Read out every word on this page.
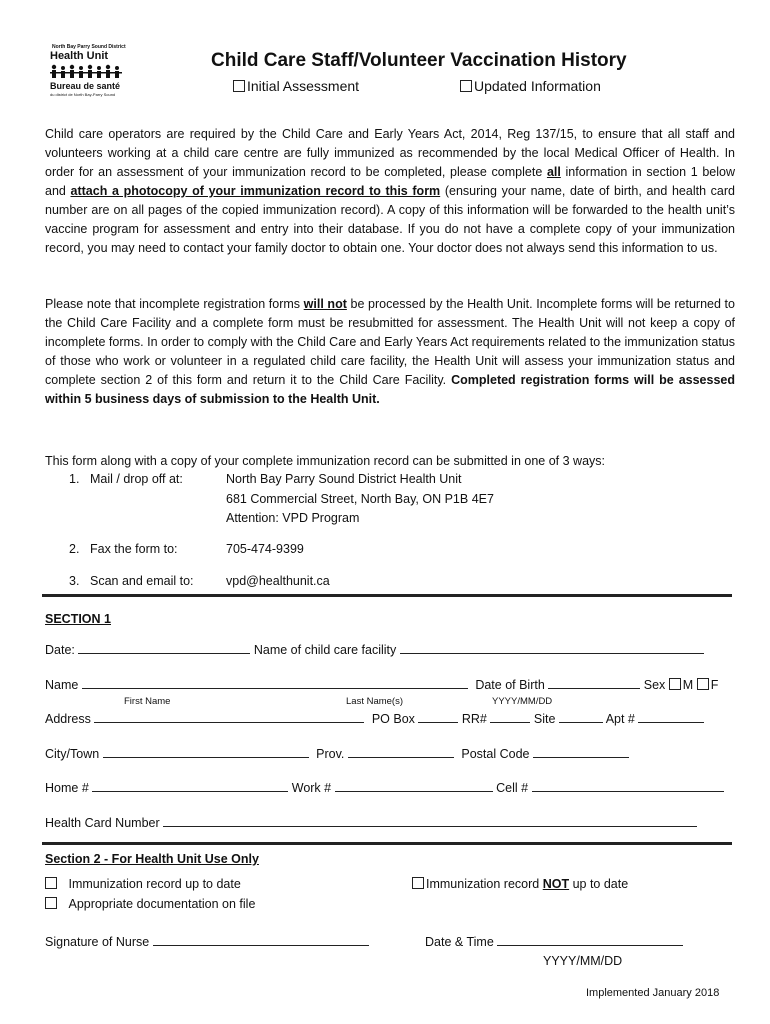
North Bay Parry Sound District
Health Unit
Bureau de santé
du district de North Bay-Parry Sound
Child Care Staff/Volunteer Vaccination History
Initial Assessment	Updated Information
Child care operators are required by the Child Care and Early Years Act, 2014, Reg 137/15, to ensure that all staff and volunteers working at a child care centre are fully immunized as recommended by the local Medical Officer of Health. In order for an assessment of your immunization record to be completed, please complete all information in section 1 below and attach a photocopy of your immunization record to this form (ensuring your name, date of birth, and health card number are on all pages of the copied immunization record). A copy of this information will be forwarded to the health unit’s vaccine program for assessment and entry into their database. If you do not have a complete copy of your immunization record, you may need to contact your family doctor to obtain one. Your doctor does not always send this information to us.
Please note that incomplete registration forms will not be processed by the Health Unit. Incomplete forms will be returned to the Child Care Facility and a complete form must be resubmitted for assessment. The Health Unit will not keep a copy of incomplete forms. In order to comply with the Child Care and Early Years Act requirements related to the immunization status of those who work or volunteer in a regulated child care facility, the Health Unit will assess your immunization status and complete section 2 of this form and return it to the Child Care Facility. Completed registration forms will be assessed within 5 business days of submission to the Health Unit.
This form along with a copy of your complete immunization record can be submitted in one of 3 ways:
1. Mail / drop off at:	North Bay Parry Sound District Health Unit
681 Commercial Street, North Bay, ON P1B 4E7
Attention: VPD Program
2. Fax the form to:	705-474-9399
3. Scan and email to:	vpd@healthunit.ca
SECTION 1
Date:	Name of child care facility
Name	Date of Birth	Sex M F
First Name	Last Name(s)	YYYY/MM/DD
Address	PO Box	RR#	Site	Apt #
City/Town	Prov.	Postal Code
Home #	Work #	Cell #
Health Card Number
Section 2 - For Health Unit Use Only
Immunization record up to date
Appropriate documentation on file
Immunization record NOT up to date
Signature of Nurse	Date & Time
YYYY/MM/DD
Implemented January 2018
